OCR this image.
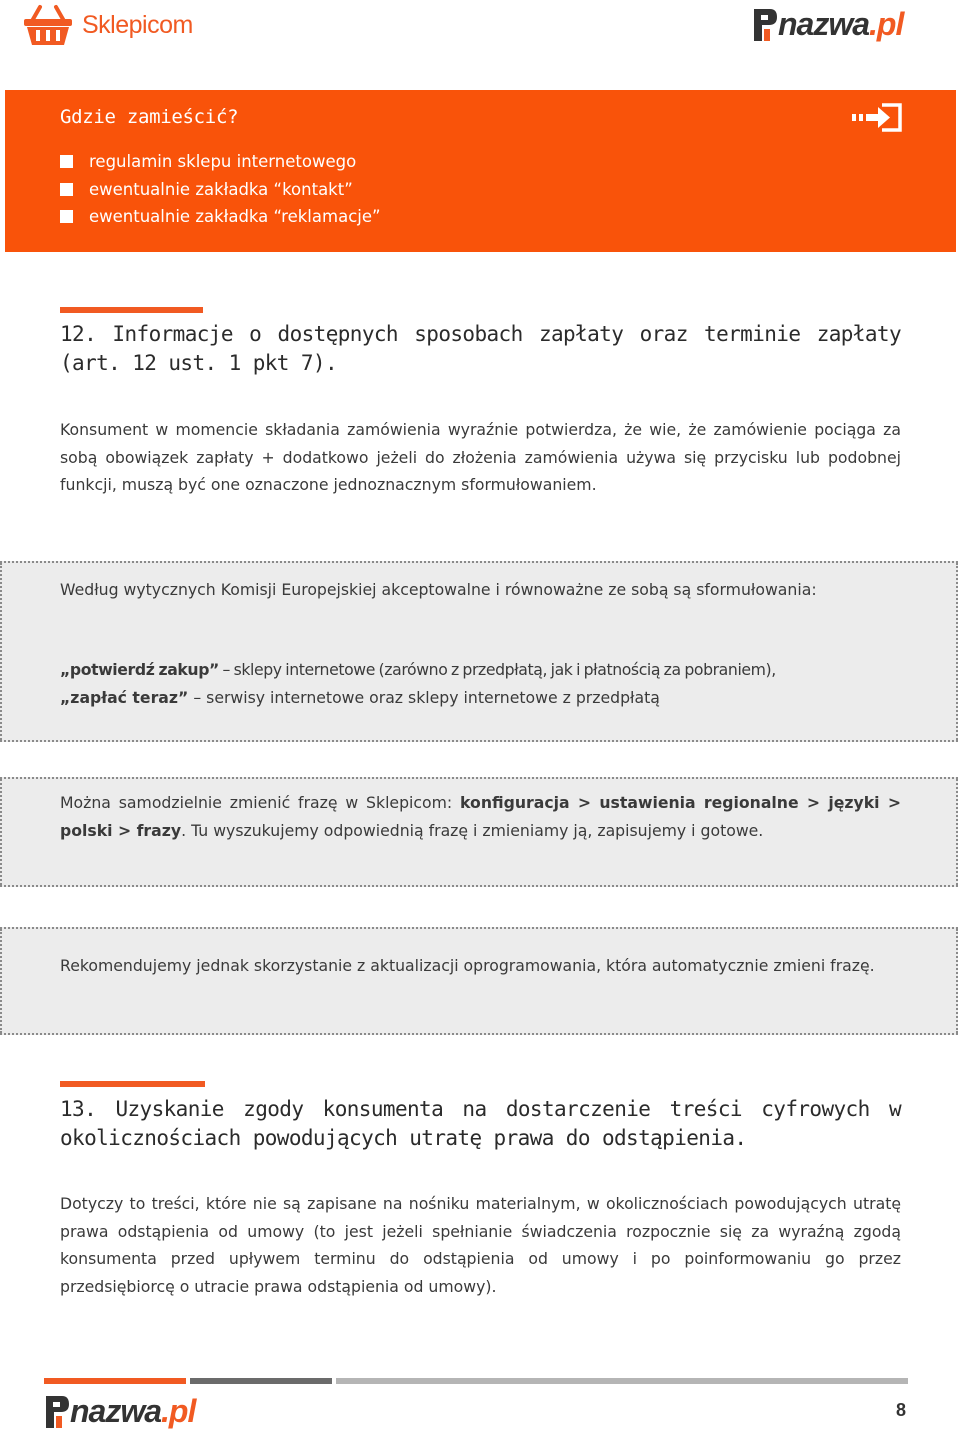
Sklepicom	nazwa .pl
Gdzie zamieścić?
regulamin sklepu internetowego
ewentualnie zakładka “kontakt”
ewentualnie zakładka “reklamacje”
12. Informacje o dostępnych sposobach zapłaty oraz terminie zapłaty (art. 12 ust. 1 pkt 7).
Konsument w momencie składania zamówienia wyraźnie potwierdza, że wie, że zamówienie pociąga za sobą obowiązek zapłaty + dodatkowo jeżeli do złożenia zamówienia używa się przycisku lub podobnej funkcji, muszą być one oznaczone jednoznacznym sformułowaniem.
Według wytycznych Komisji Europejskiej akceptowalne i równoważne ze sobą są sformułowania:
„potwierdź zakup” – sklepy internetowe (zarówno z przedpłatą, jak i płatnością za pobraniem),
„zapłać teraz” – serwisy internetowe oraz sklepy internetowe z przedpłatą
Można samodzielnie zmienić frazę w Sklepicom: konfiguracja > ustawienia regionalne > języki > polski > frazy. Tu wyszukujemy odpowiednią frazę i zmieniamy ją, zapisujemy i gotowe.
Rekomendujemy jednak skorzystanie z aktualizacji oprogramowania, która automatycznie zmieni frazę.
13. Uzyskanie zgody konsumenta na dostarczenie treści cyfrowych w okolicznościach powodujących utratę prawa do odstąpienia.
Dotyczy to treści, które nie są zapisane na nośniku materialnym, w okolicznościach powodujących utratę prawa odstąpienia od umowy (to jest jeżeli spełnianie świadczenia rozpocznie się za wyraźną zgodą konsumenta przed upływem terminu do odstąpienia od umowy i po poinformowaniu go przez przedsiębiorcę o utracie prawa odstąpienia od umowy).
nazwa .pl	8
